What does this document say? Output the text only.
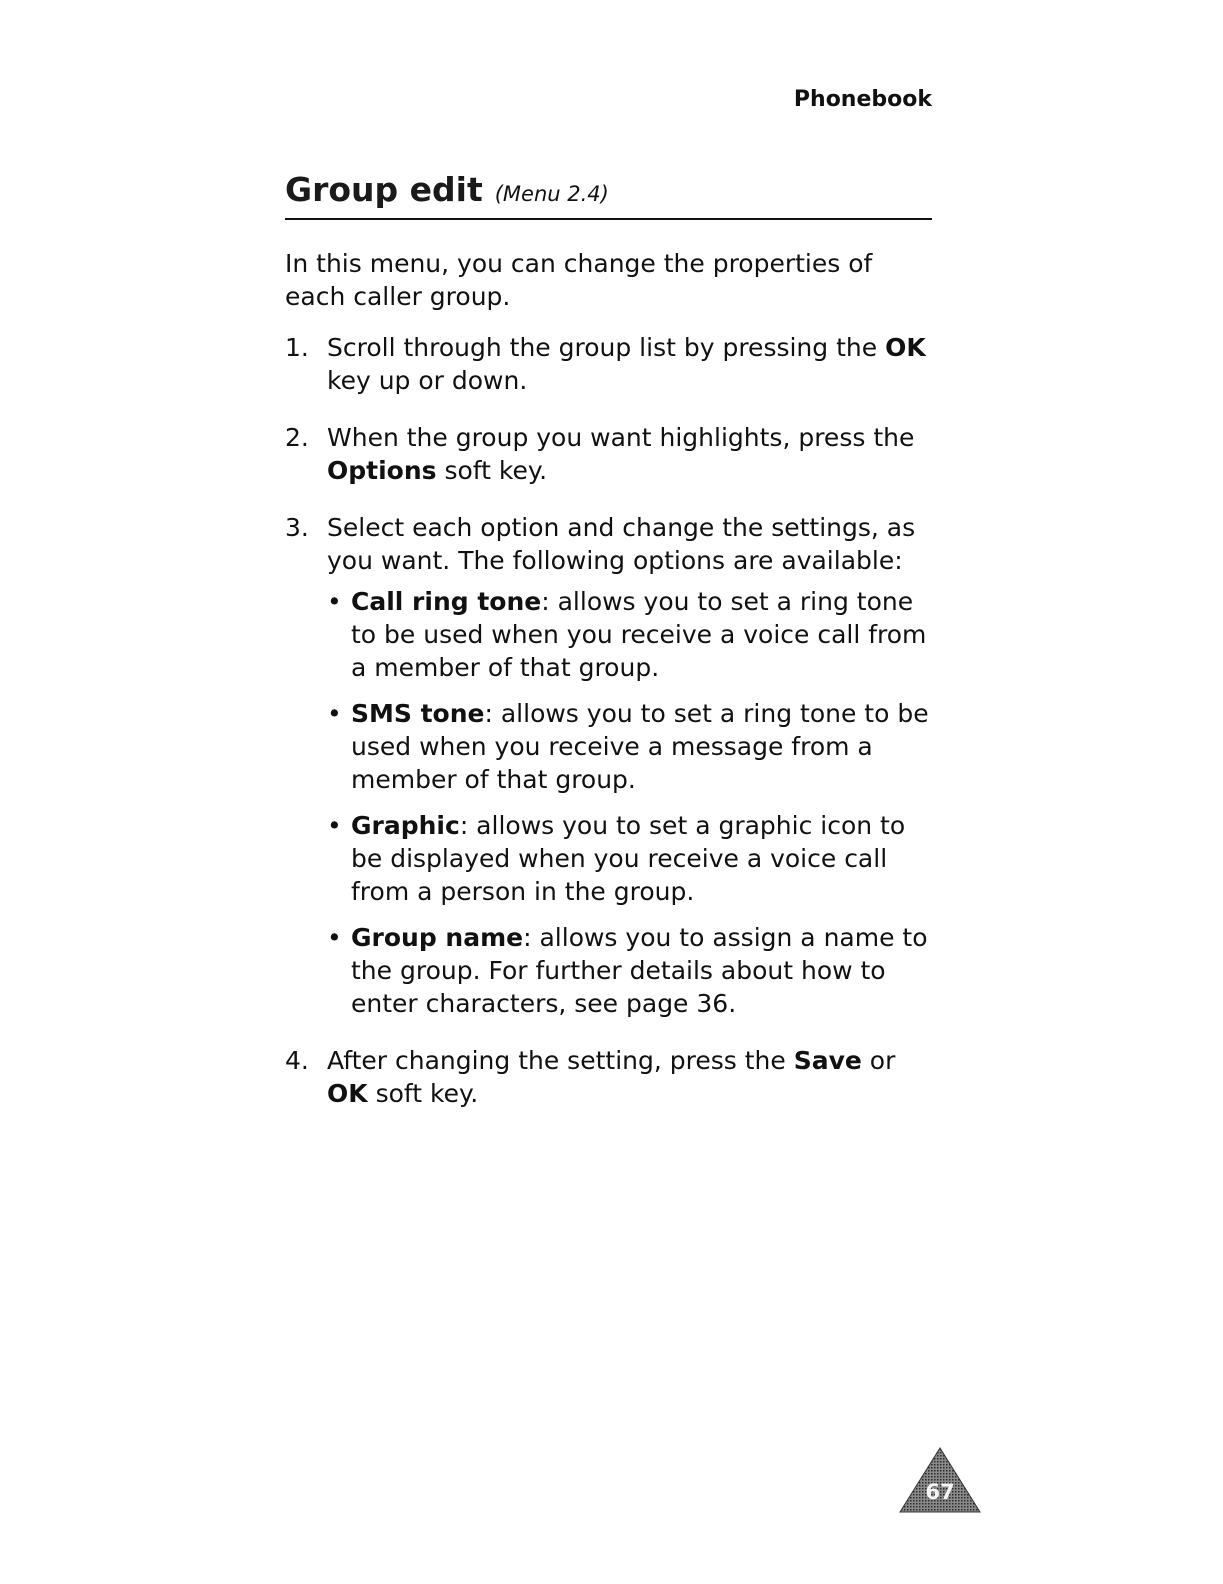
Phonebook
Group edit (Menu 2.4)

In this menu, you can change the properties of each caller group.

1. Scroll through the group list by pressing the OK key up or down.
2. When the group you want highlights, press the Options soft key.
3. Select each option and change the settings, as you want. The following options are available:
• Call ring tone: allows you to set a ring tone to be used when you receive a voice call from a member of that group.
• SMS tone: allows you to set a ring tone to be used when you receive a message from a member of that group.
• Graphic: allows you to set a graphic icon to be displayed when you receive a voice call from a person in the group.
• Group name: allows you to assign a name to the group. For further details about how to enter characters, see page 36.
4. After changing the setting, press the Save or OK soft key.
67
